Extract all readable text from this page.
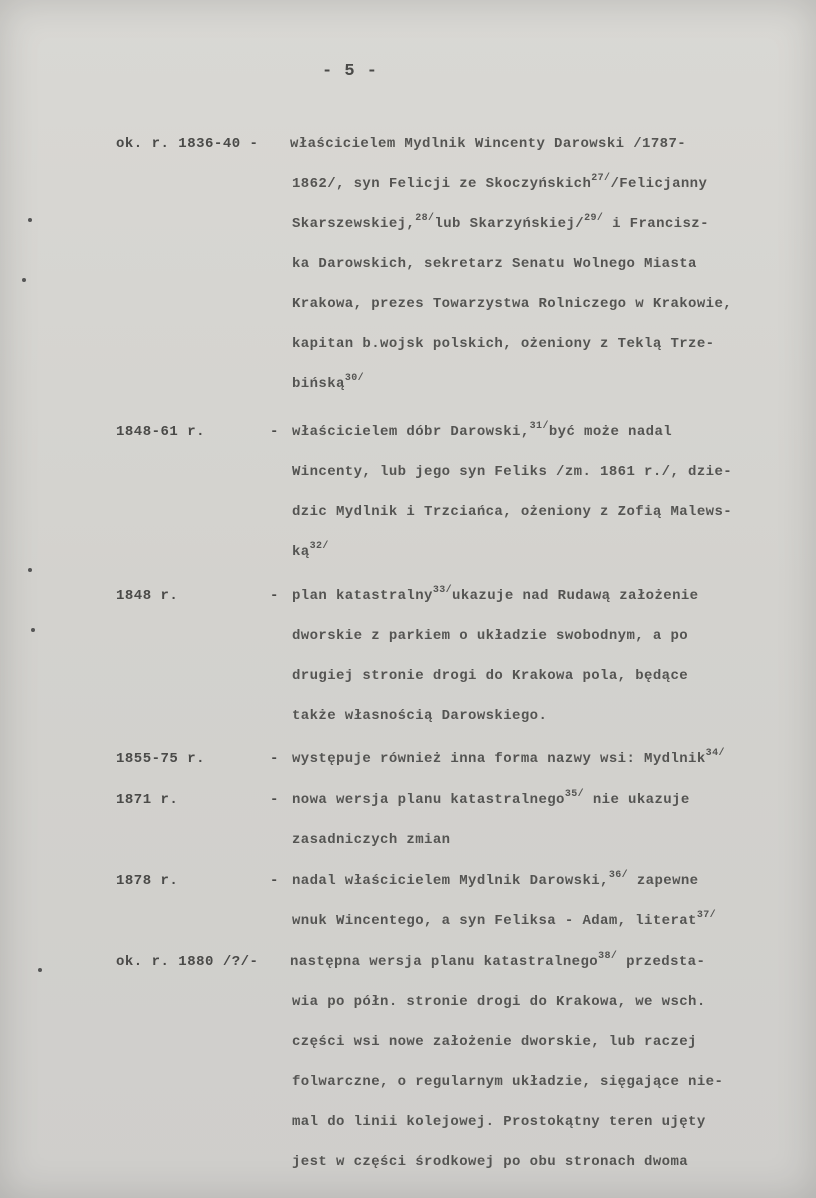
- 5 -
ok. r. 1836-40 -	właścicielem Mydlnik Wincenty Darowski /1787-
1862/, syn Felicji ze Skoczyńskich$^{27/}$/Felicjanny
Skarszewskiej,$^{28/}$lub Skarzyńskiej/$^{29/}$ i Francisz-
ka Darowskich, sekretarz Senatu Wolnego Miasta
Krakowa, prezes Towarzystwa Rolniczego w Krakowie,
kapitan b.wojsk polskich, ożeniony z Teklą Trze-
bińską$^{30/}$
1848-61 r.	- właścicielem dóbr Darowski,$^{31/}$być może nadal
Wincenty, lub jego syn Feliks /zm. 1861 r./, dzie-
dzic Mydlnik i Trzciańca, ożeniony z Zofią Malews-
$ką^{32/}$
1848 r.	- plan katastralny$^{33/}$ukazuje nad Rudawą założenie
dworskie z parkiem o układzie swobodnym, a po
drugiej stronie drogi do Krakowa pola, będące
także własnością Darowskiego.
1855-75 r.	- występuje również inna forma nazwy wsi: Mydlnik$^{34/}$
1871 r.	- nowa wersja planu katastralnego$^{35/}$ nie ukazuje
zasadniczych zmian
1878 r.	- nadal właścicielem Mydlnik Darowski,$^{36/}$ zapewne
wnuk Wincentego, a syn Feliksa - Adam, literat$^{37/}$
ok. r. 1880 /?/-	następna wersja planu katastralnego$^{38/}$ przedsta-
wia po półn. stronie drogi do Krakowa, we wsch.
części wsi nowe założenie dworskie, lub raczej
folwarczne, o regularnym układzie, sięgające nie-
mal do linii kolejowej. Prostokątny teren ujęty
jest w części środkowej po obu stronach dwoma
